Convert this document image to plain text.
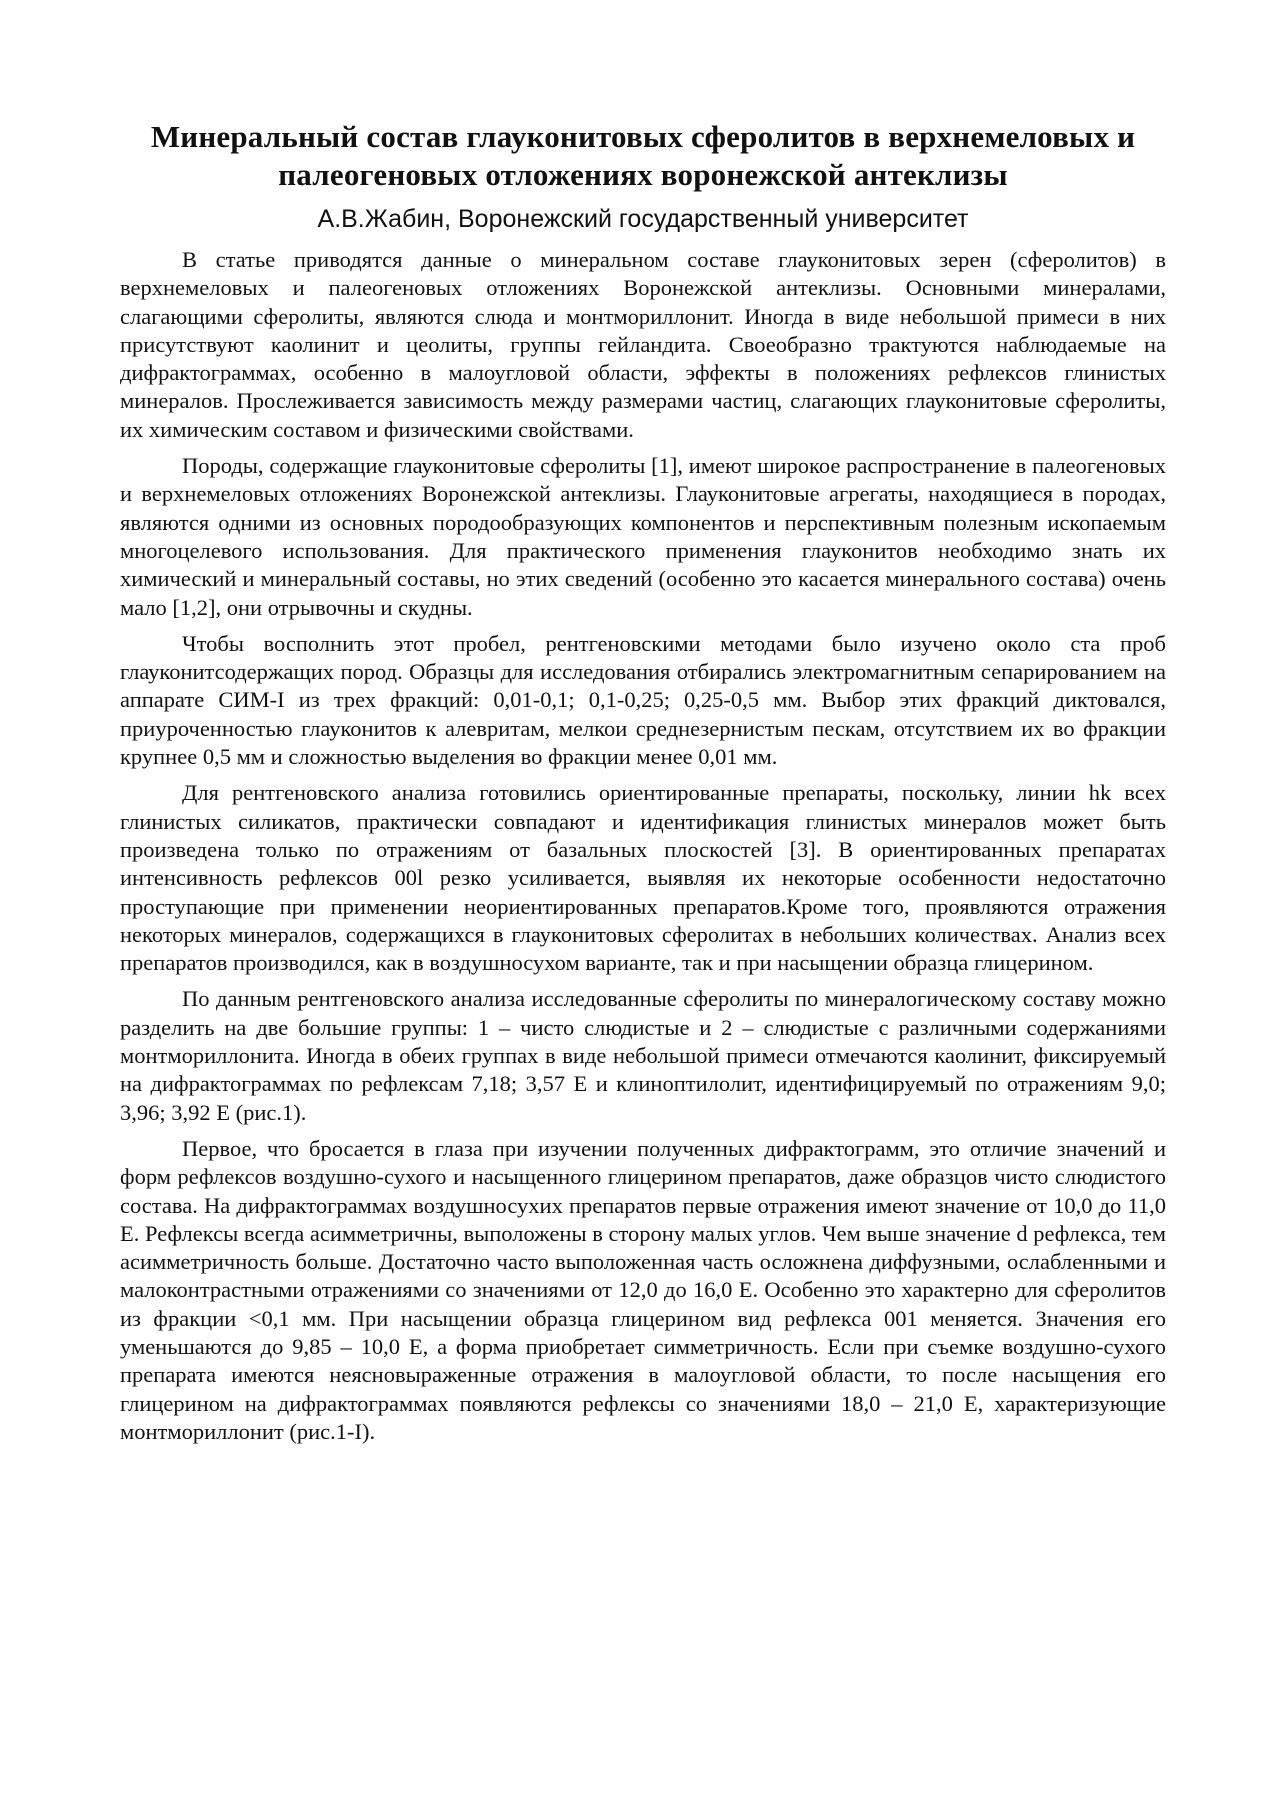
Минеральный состав глауконитовых сферолитов в верхнемеловых и палеогеновых отложениях воронежской антеклизы
А.В.Жабин, Воронежский государственный университет

В статье приводятся данные о минеральном составе глауконитовых зерен (сферолитов) в верхнемеловых и палеогеновых отложениях Воронежской антеклизы. Основными минералами, слагающими сферолиты, являются слюда и монтмориллонит. Иногда в виде небольшой примеси в них присутствуют каолинит и цеолиты, группы гейландита. Своеобразно трактуются наблюдаемые на дифрактограммах, особенно в малоугловой области, эффекты в положениях рефлексов глинистых минералов. Прослеживается зависимость между размерами частиц, слагающих глауконитовые сферолиты, их химическим составом и физическими свойствами.

Породы, содержащие глауконитовые сферолиты [1], имеют широкое распространение в палеогеновых и верхнемеловых отложениях Воронежской антеклизы. Глауконитовые агрегаты, находящиеся в породах, являются одними из основных породообразующих компонентов и перспективным полезным ископаемым многоцелевого использования. Для практического применения глауконитов необходимо знать их химический и минеральный составы, но этих сведений (особенно это касается минерального состава) очень мало [1,2], они отрывочны и скудны.

Чтобы восполнить этот пробел, рентгеновскими методами было изучено около ста проб глауконитсодержащих пород. Образцы для исследования отбирались электромагнитным сепарированием на аппарате СИМ-I из трех фракций: 0,01-0,1; 0,1-0,25; 0,25-0,5 мм. Выбор этих фракций диктовался, приуроченностью глауконитов к алевритам, мелкои среднезернистым пескам, отсутствием их во фракции крупнее 0,5 мм и сложностью выделения во фракции менее 0,01 мм.

Для рентгеновского анализа готовились ориентированные препараты, поскольку, линии hk всех глинистых силикатов, практически совпадают и идентификация глинистых минералов может быть произведена только по отражениям от базальных плоскостей [3]. В ориентированных препаратах интенсивность рефлексов 00l резко усиливается, выявляя их некоторые особенности недостаточно проступающие при применении неориентированных препаратов.Кроме того, проявляются отражения некоторых минералов, содержащихся в глауконитовых сферолитах в небольших количествах. Анализ всех препаратов производился, как в воздушносухом варианте, так и при насыщении образца глицерином.

По данным рентгеновского анализа исследованные сферолиты по минералогическому составу можно разделить на две большие группы: 1 – чисто слюдистые и 2 – слюдистые с различными содержаниями монтмориллонита. Иногда в обеих группах в виде небольшой примеси отмечаются каолинит, фиксируемый на дифрактограммах по рефлексам 7,18; 3,57 E и клиноптилолит, идентифицируемый по отражениям 9,0; 3,96; 3,92 E (рис.1).

Первое, что бросается в глаза при изучении полученных дифрактограмм, это отличие значений и форм рефлексов воздушно-сухого и насыщенного глицерином препаратов, даже образцов чисто слюдистого состава. На дифрактограммах воздушносухих препаратов первые отражения имеют значение от 10,0 до 11,0 E. Рефлексы всегда асимметричны, выположены в сторону малых углов. Чем выше значение d рефлекса, тем асимметричность больше. Достаточно часто выположенная часть осложнена диффузными, ослабленными и малоконтрастными отражениями со значениями от 12,0 до 16,0 E. Особенно это характерно для сферолитов из фракции <0,1 мм. При насыщении образца глицерином вид рефлекса 001 меняется. Значения его уменьшаются до 9,85 – 10,0 E, а форма приобретает симметричность. Если при съемке воздушно-сухого препарата имеются неясновыраженные отражения в малоугловой области, то после насыщения его глицерином на дифрактограммах появляются рефлексы со значениями 18,0 – 21,0 E, характеризующие монтмориллонит (рис.1-I).
